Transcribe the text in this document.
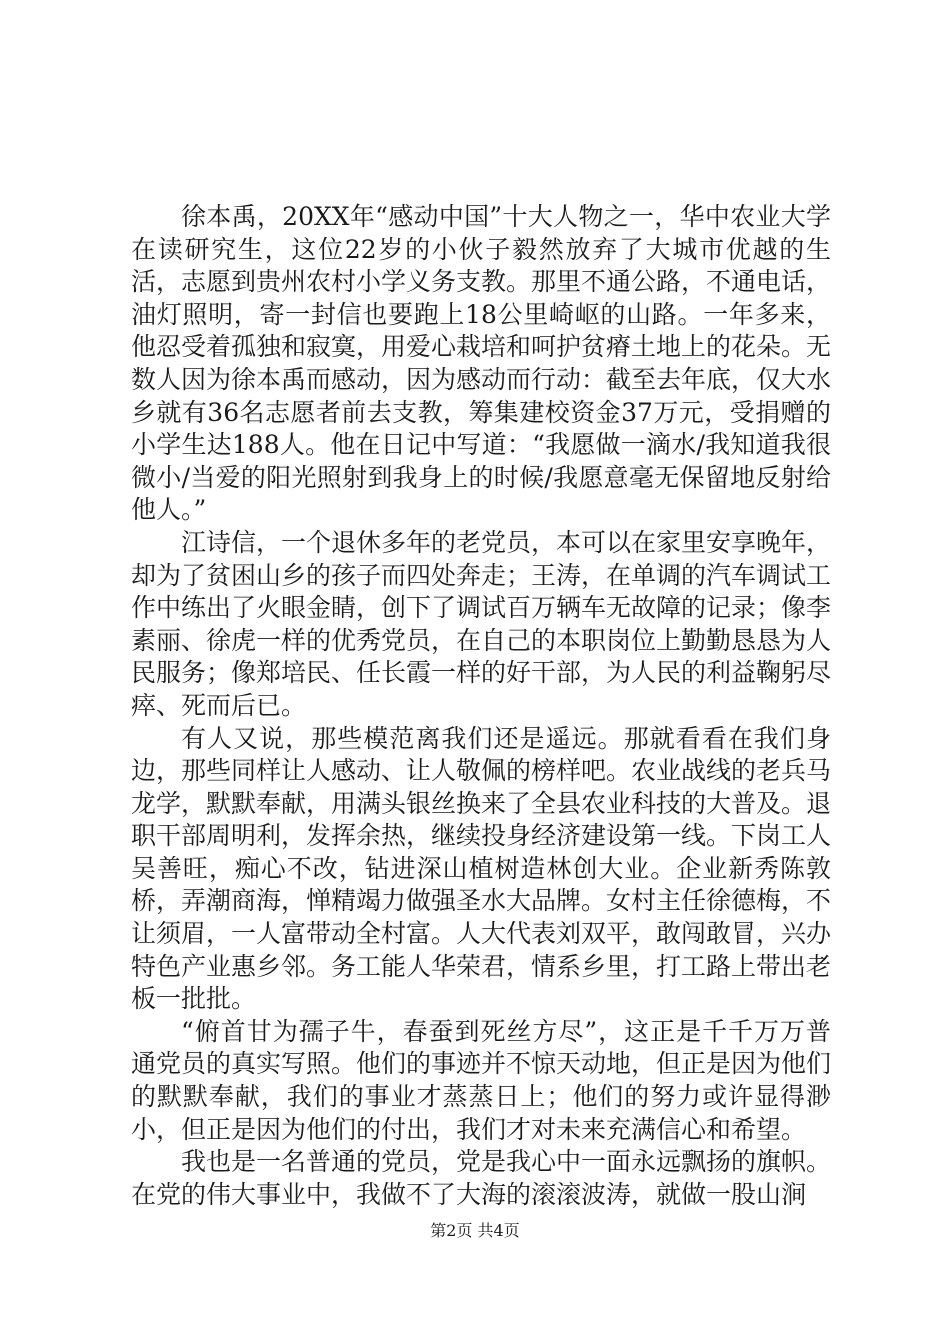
徐本禹，20XX年“感动中国”十大人物之一，华中农业大学在读研究生，这位22岁的小伙子毅然放弃了大城市优越的生活，志愿到贵州农村小学义务支教。那里不通公路，不通电话，油灯照明，寄一封信也要跑上18公里崎岖的山路。一年多来，他忍受着孤独和寂寞，用爱心栽培和呵护贫瘠土地上的花朵。无数人因为徐本禹而感动，因为感动而行动：截至去年底，仅大水乡就有36名志愿者前去支教，筹集建校资金37万元，受捐赠的小学生达188人。他在日记中写道：“我愿做一滴水/我知道我很微小/当爱的阳光照射到我身上的时候/我愿意毫无保留地反射给他人。”

江诗信，一个退休多年的老党员，本可以在家里安享晚年，却为了贫困山乡的孩子而四处奔走；王涛，在单调的汽车调试工作中练出了火眼金睛，创下了调试百万辆车无故障的记录；像李素丽、徐虎一样的优秀党员，在自己的本职岗位上勤勤恳恳为人民服务；像郑培民、任长霞一样的好干部，为人民的利益鞠躬尽瘁、死而后已。

有人又说，那些模范离我们还是遥远。那就看看在我们身边，那些同样让人感动、让人敬佩的榜样吧。农业战线的老兵马龙学，默默奉献，用满头银丝换来了全县农业科技的大普及。退职干部周明利，发挥余热，继续投身经济建设第一线。下岗工人吴善旺，痴心不改，钻进深山植树造林创大业。企业新秀陈敦桥，弄潮商海，惮精竭力做强圣水大品牌。女村主任徐德梅，不让须眉，一人富带动全村富。人大代表刘双平，敢闯敢冒，兴办特色产业惠乡邻。务工能人华荣君，情系乡里，打工路上带出老板一批批。

“俯首甘为孺子牛，春蚕到死丝方尽”，这正是千千万万普通党员的真实写照。他们的事迹并不惊天动地，但正是因为他们的默默奉献，我们的事业才蒸蒸日上；他们的努力或许显得渺小，但正是因为他们的付出，我们才对未来充满信心和希望。

我也是一名普通的党员，党是我心中一面永远飘扬的旗帜。在党的伟大事业中，我做不了大海的滚滚波涛，就做一股山涧

第2页 共4页
